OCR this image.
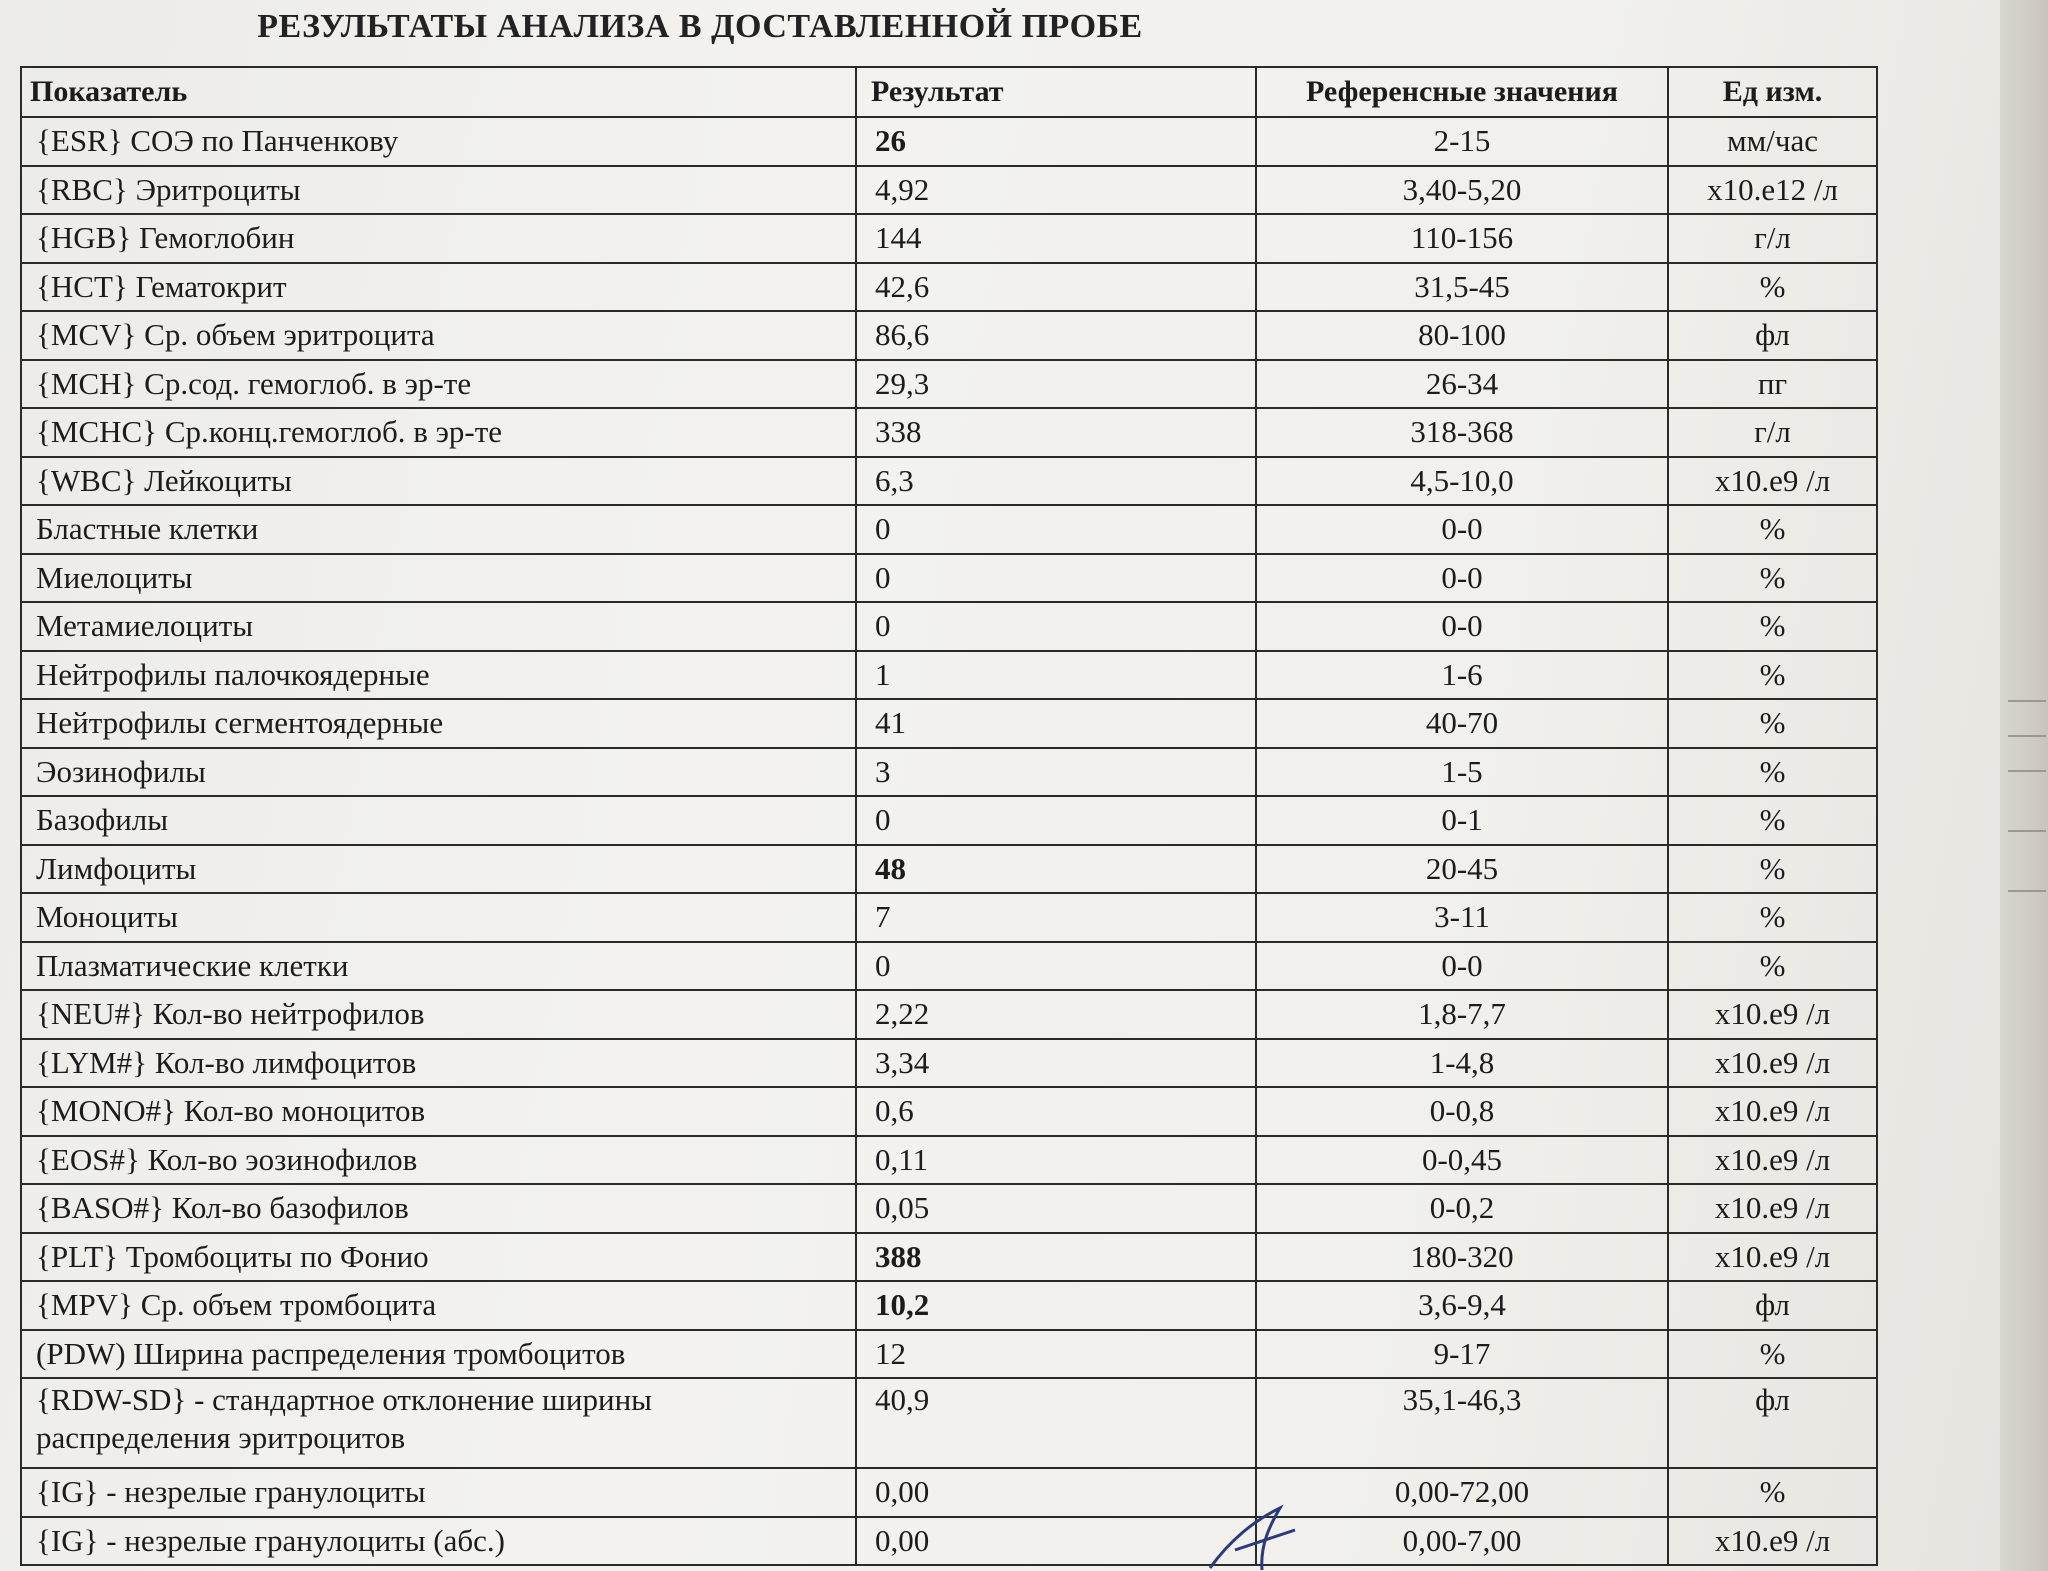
РЕЗУЛЬТАТЫ АНАЛИЗА В ДОСТАВЛЕННОЙ ПРОБЕ
Показатель	Результат	Референсные значения	Ед изм.
{ESR} СОЭ по Панченкову	26	2-15	мм/час
{RBC} Эритроциты	4,92	3,40-5,20	x10.e12 /л
{HGB} Гемоглобин	144	110-156	г/л
{HCT} Гематокрит	42,6	31,5-45	%
{MCV} Ср. объем эритроцита	86,6	80-100	фл
{MCH} Ср.сод. гемоглоб. в эр-те	29,3	26-34	пг
{MCHC} Ср.конц.гемоглоб. в эр-те	338	318-368	г/л
{WBC} Лейкоциты	6,3	4,5-10,0	x10.e9 /л
Бластные клетки	0	0-0	%
Миелоциты	0	0-0	%
Метамиелоциты	0	0-0	%
Нейтрофилы палочкоядерные	1	1-6	%
Нейтрофилы сегментоядерные	41	40-70	%
Эозинофилы	3	1-5	%
Базофилы	0	0-1	%
Лимфоциты	48	20-45	%
Моноциты	7	3-11	%
Плазматические клетки	0	0-0	%
{NEU#} Кол-во нейтрофилов	2,22	1,8-7,7	x10.e9 /л
{LYM#} Кол-во лимфоцитов	3,34	1-4,8	x10.e9 /л
{MONO#} Кол-во моноцитов	0,6	0-0,8	x10.e9 /л
{EOS#} Кол-во эозинофилов	0,11	0-0,45	x10.e9 /л
{BASO#} Кол-во базофилов	0,05	0-0,2	x10.e9 /л
{PLT} Тромбоциты по Фонио	388	180-320	x10.e9 /л
{MPV} Ср. объем тромбоцита	10,2	3,6-9,4	фл
(PDW) Ширина распределения тромбоцитов	12	9-17	%
{RDW-SD} - стандартное отклонение ширины распределения эритроцитов	40,9	35,1-46,3	фл
{IG} - незрелые гранулоциты	0,00	0,00-72,00	%
{IG} - незрелые гранулоциты (абс.)	0,00	0,00-7,00	x10.e9 /л
